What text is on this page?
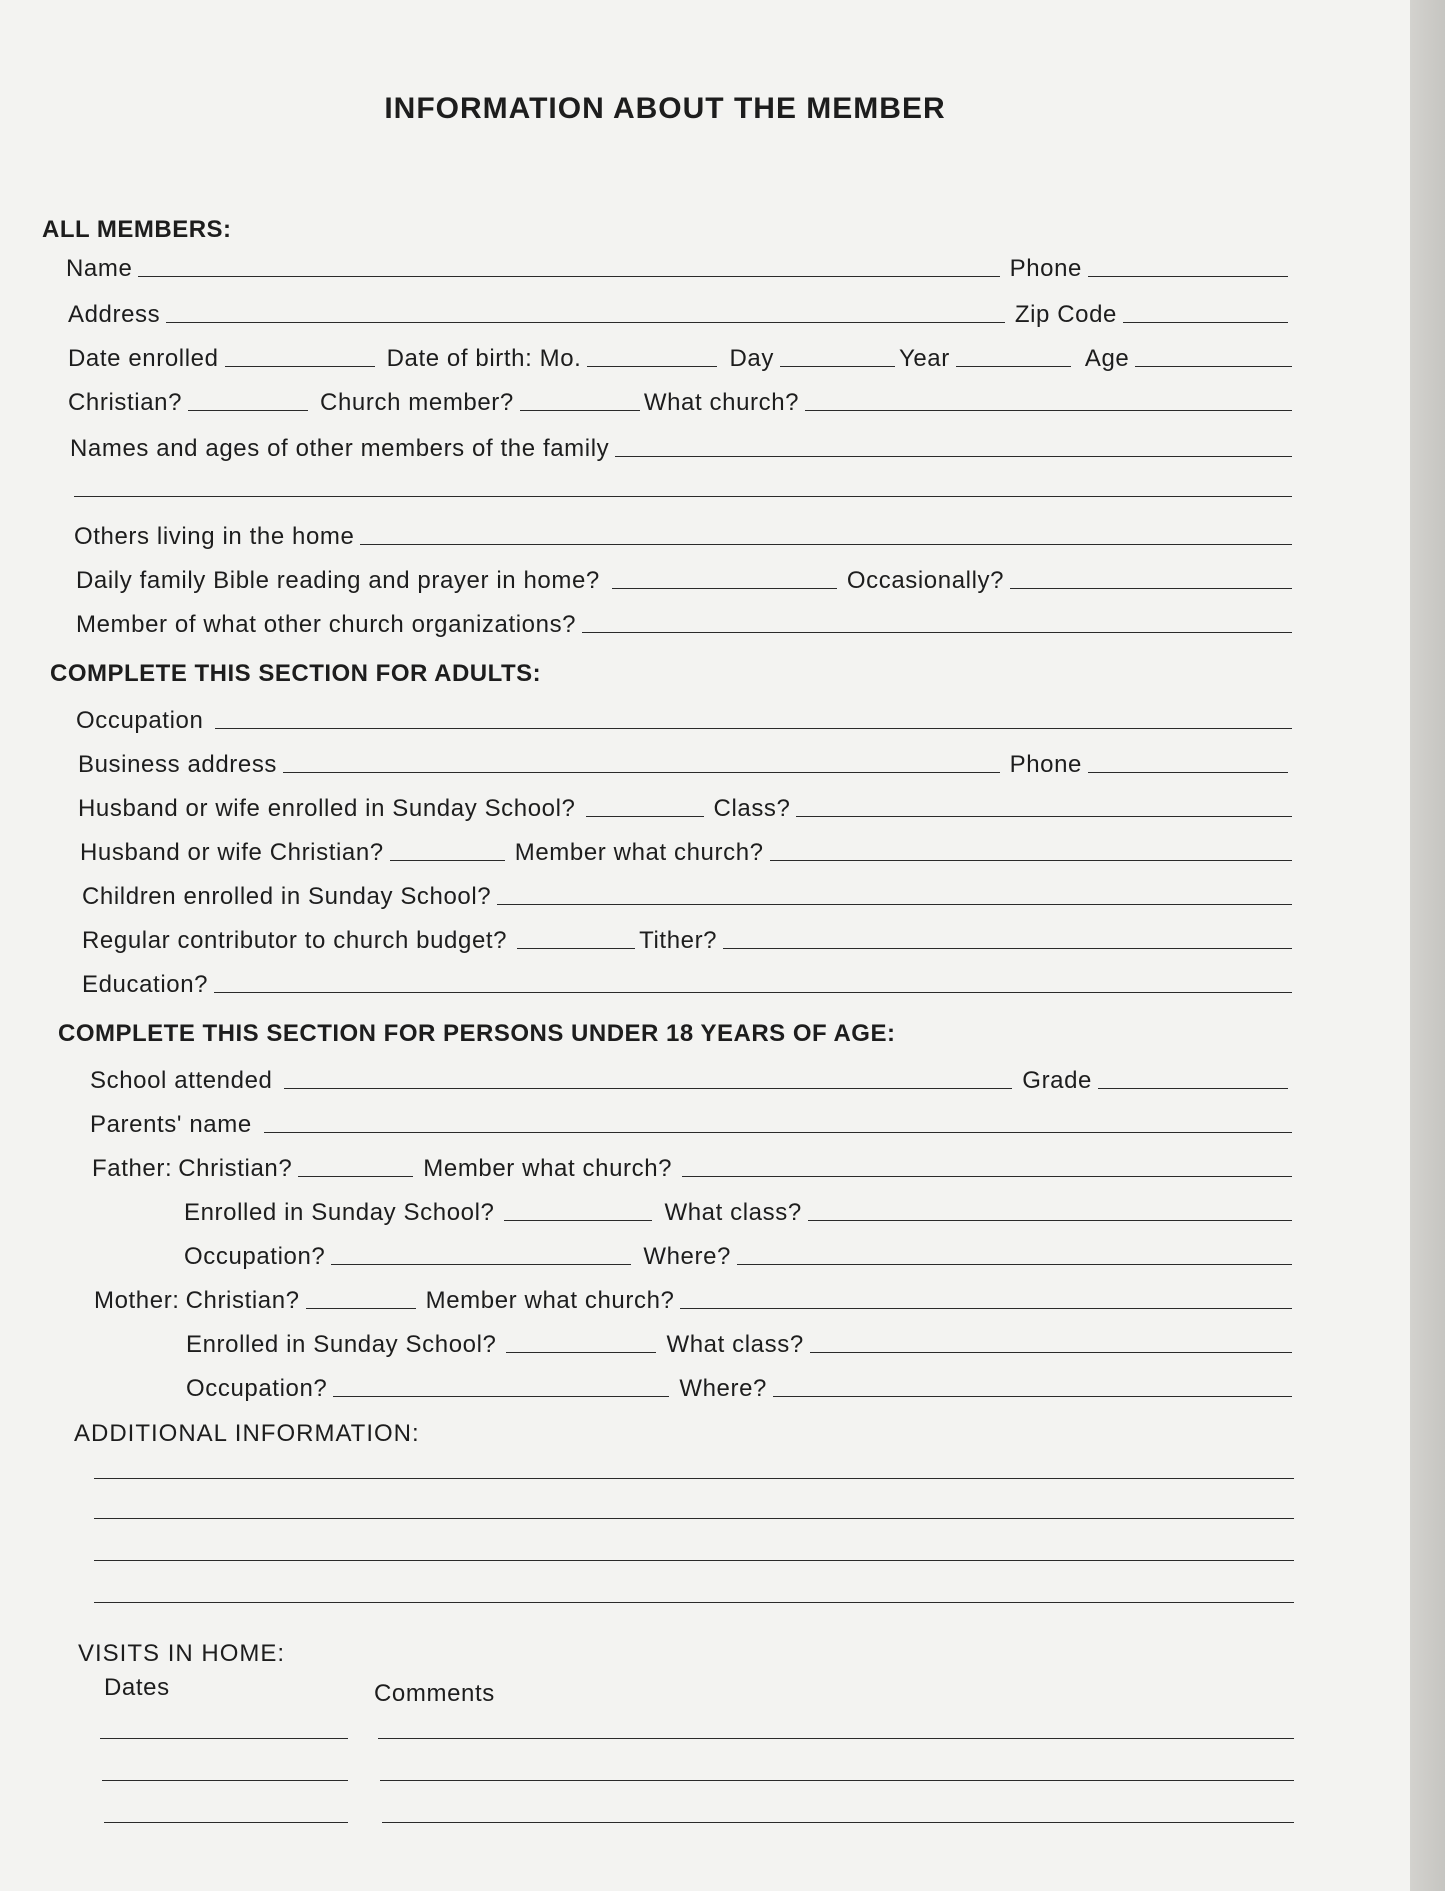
INFORMATION ABOUT THE MEMBER
ALL MEMBERS:
Name	Phone
Address	Zip Code
Date enrolled	Date of birth: Mo.	Day	Year	Age
Christian?	Church member?	What church?
Names and ages of other members of the family
Others living in the home
Daily family Bible reading and prayer in home?	Occasionally?
Member of what other church organizations?
COMPLETE THIS SECTION FOR ADULTS:
Occupation
Business address	Phone
Husband or wife enrolled in Sunday School?	Class?
Husband or wife Christian?	Member what church?
Children enrolled in Sunday School?
Regular contributor to church budget?	Tither?
Education?
COMPLETE THIS SECTION FOR PERSONS UNDER 18 YEARS OF AGE:
School attended	Grade
Parents' name
Father: Christian?	Member what church?
Enrolled in Sunday School?	What class?
Occupation?	Where?
Mother: Christian?	Member what church?
Enrolled in Sunday School?	What class?
Occupation?	Where?
ADDITIONAL INFORMATION:
VISITS IN HOME:
Dates	Comments
